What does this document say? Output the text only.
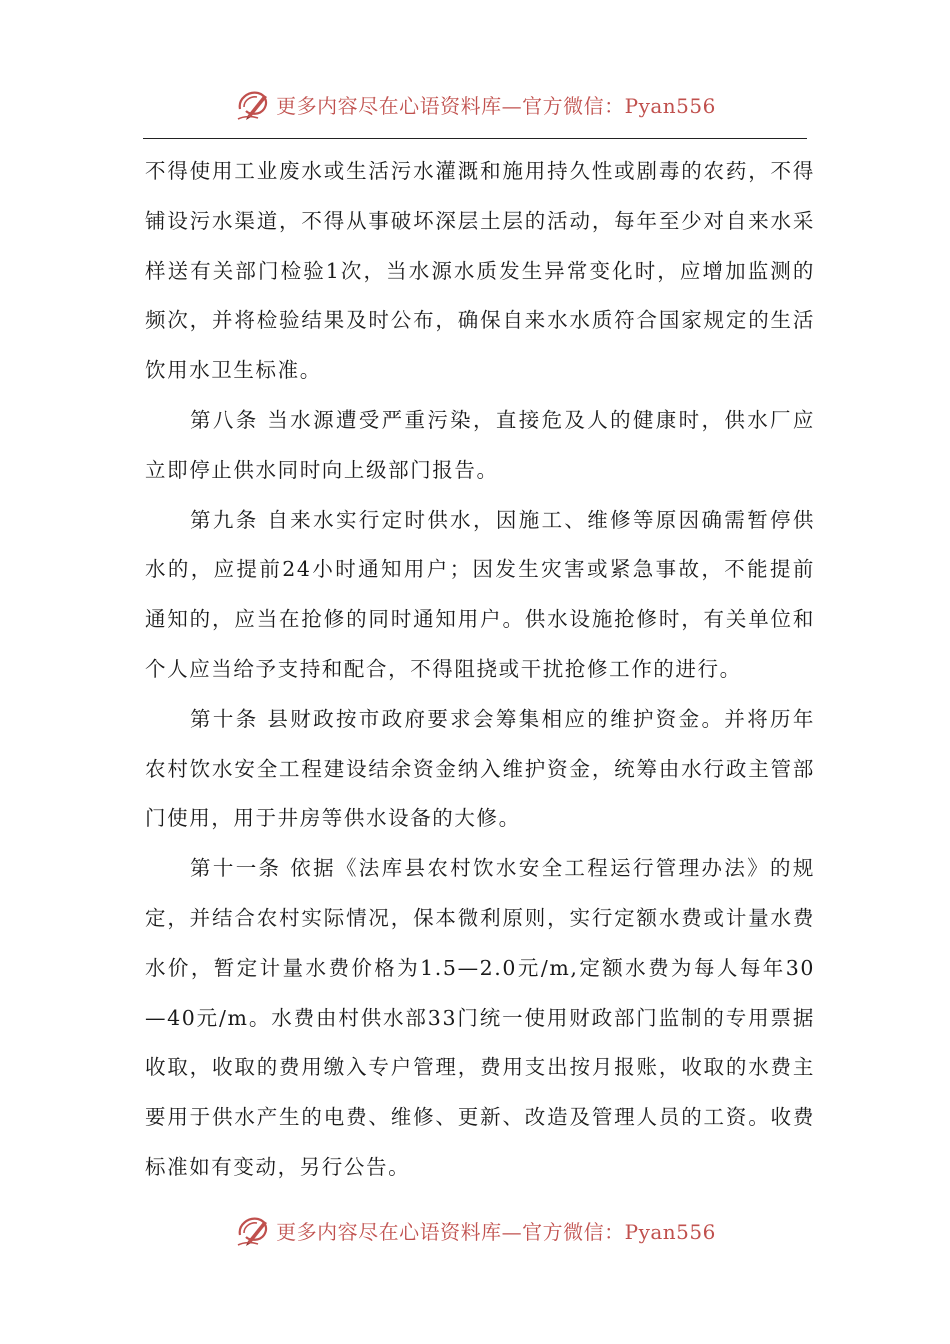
更多内容尽在心语资料库—官方微信：Pyan556

不得使用工业废水或生活污水灌溉和施用持久性或剧毒的农药，不得铺设污水渠道，不得从事破坏深层土层的活动，每年至少对自来水采样送有关部门检验1次，当水源水质发生异常变化时，应增加监测的频次，并将检验结果及时公布，确保自来水水质符合国家规定的生活饮用水卫生标准。

第八条 当水源遭受严重污染，直接危及人的健康时，供水厂应立即停止供水同时向上级部门报告。

第九条 自来水实行定时供水，因施工、维修等原因确需暂停供水的，应提前24小时通知用户；因发生灾害或紧急事故，不能提前通知的，应当在抢修的同时通知用户。供水设施抢修时，有关单位和个人应当给予支持和配合，不得阻挠或干扰抢修工作的进行。

第十条 县财政按市政府要求会筹集相应的维护资金。并将历年农村饮水安全工程建设结余资金纳入维护资金，统筹由水行政主管部门使用，用于井房等供水设备的大修。

第十一条 依据《法库县农村饮水安全工程运行管理办法》的规定，并结合农村实际情况，保本微利原则，实行定额水费或计量水费水价，暂定计量水费价格为1.5—2.0元/m,定额水费为每人每年30—40元/m。水费由村供水部33门统一使用财政部门监制的专用票据收取，收取的费用缴入专户管理，费用支出按月报账，收取的水费主要用于供水产生的电费、维修、更新、改造及管理人员的工资。收费标准如有变动，另行公告。

更多内容尽在心语资料库—官方微信：Pyan556
